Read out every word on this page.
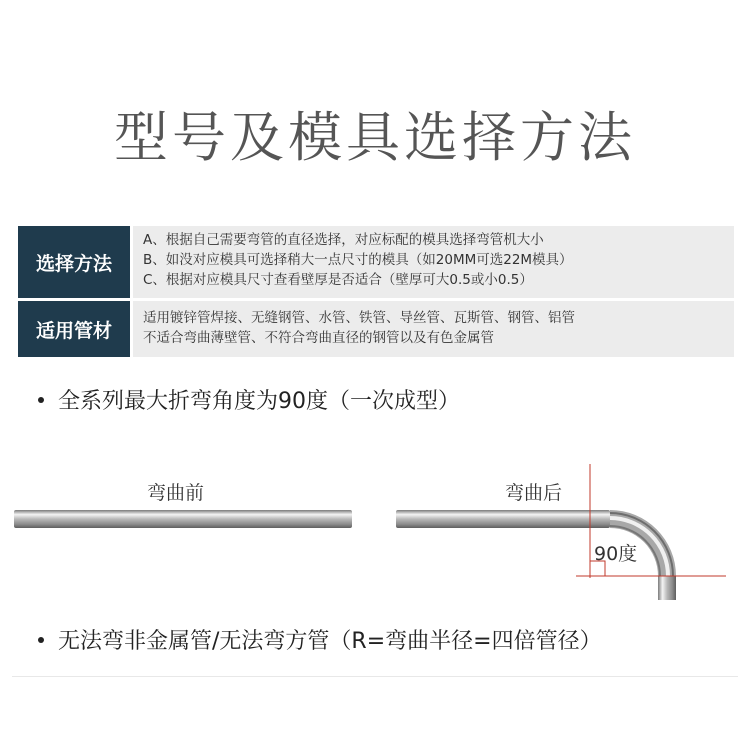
型号及模具选择方法
选择方法
A、根据自己需要弯管的直径选择，对应标配的模具选择弯管机大小
B、如没对应模具可选择稍大一点尺寸的模具（如20MM可选22M模具）
C、根据对应模具尺寸查看壁厚是否适合（壁厚可大0.5或小0.5）
适用管材
适用镀锌管焊接、无缝钢管、水管、铁管、导丝管、瓦斯管、钢管、铝管
不适合弯曲薄壁管、不符合弯曲直径的钢管以及有色金属管
全系列最大折弯角度为90度（一次成型）
弯曲前	弯曲后
90度
无法弯非金属管/无法弯方管（R=弯曲半径=四倍管径）
